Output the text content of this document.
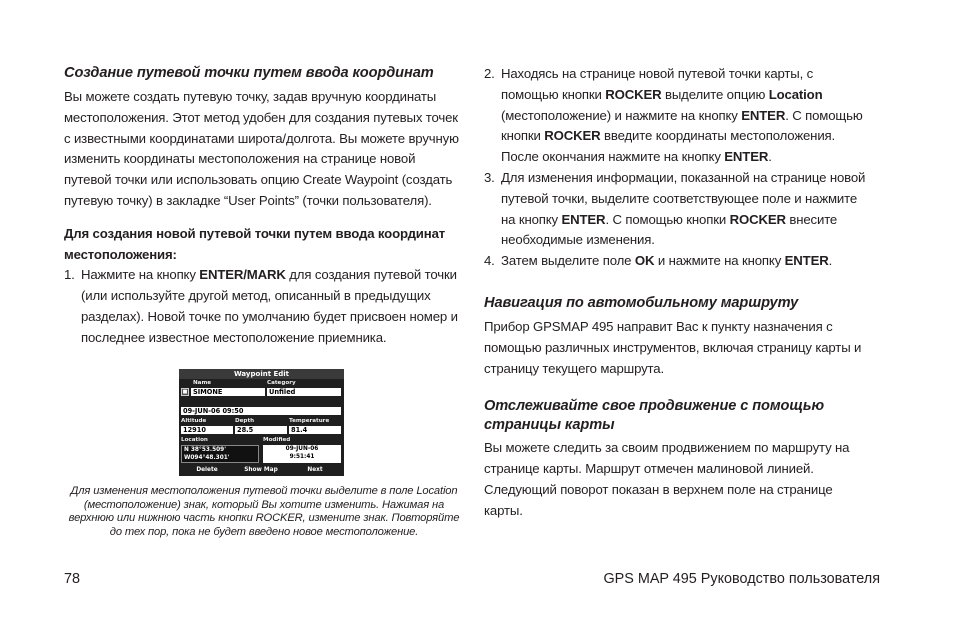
Создание путевой точки путем ввода координат

Вы можете создать путевую точку, задав вручную координаты местоположения. Этот метод удобен для создания путевых точек с известными координатами широта/долгота. Вы можете вручную изменить координаты местоположения на странице новой путевой точки или использовать опцию Create Waypoint (создать путевую точку) в закладке “User Points” (точки пользователя).

Для создания новой путевой точки путем ввода координат местоположения:

1. Нажмите на кнопку ENTER/MARK для создания путевой точки (или используйте другой метод, описанный в предыдущих разделах). Новой точке по умолчанию будет присвоен номер и последнее известное местоположение приемника.
Waypoint Edit
Name	Category
■ SIMONE	Unfiled
09-JUN-06 09:50
Altitude	Depth	Temperature
12910	28.5	81.4
Location	Modified
N 38°53.509'
W094°48.301'
09-JUN-06
9:51:41
Delete	Show Map	Next
Для изменения местоположения путевой точки выделите в поле Location (местоположение) знак, который Вы хотите изменить. Нажимая на верхнюю или нижнюю часть кнопки ROCKER, измените знак. Повторяйте до тех пор, пока не будет введено новое местоположение.
2. Находясь на странице новой путевой точки карты, с помощью кнопки ROCKER выделите опцию Location (местоположение) и нажмите на кнопку ENTER. С помощью кнопки ROCKER введите координаты местоположения. После окончания нажмите на кнопку ENTER.
3. Для изменения информации, показанной на странице новой путевой точки, выделите соответствующее поле и нажмите на кнопку ENTER. С помощью кнопки ROCKER внесите необходимые изменения.
4. Затем выделите поле OK и нажмите на кнопку ENTER.
Навигация по автомобильному маршруту

Прибор GPSMAP 495 направит Вас к пункту назначения с помощью различных инструментов, включая страницу карты и страницу текущего маршрута.

Отслеживайте свое продвижение с помощью страницы карты

Вы можете следить за своим продвижением по маршруту на странице карты. Маршрут отмечен малиновой линией. Следующий поворот показан в верхнем поле на странице карты.

78	GPS MAP 495 Руководство пользователя
